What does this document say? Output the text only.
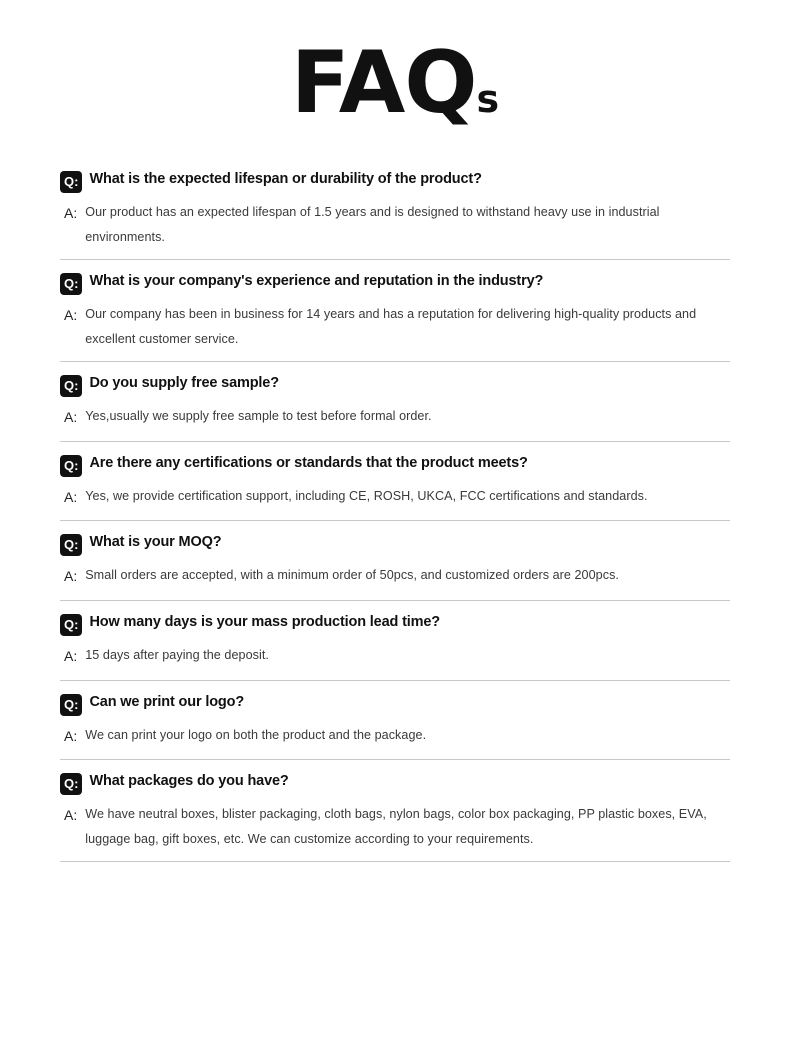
FAQs
Q: What is the expected lifespan or durability of the product?
A: Our product has an expected lifespan of 1.5 years and is designed to withstand heavy use in industrial environments.
Q: What is your company's experience and reputation in the industry?
A: Our company has been in business for 14 years and has a reputation for delivering high-quality products and excellent customer service.
Q: Do you supply free sample?
A: Yes,usually we supply free sample to test before formal order.
Q: Are there any certifications or standards that the product meets?
A: Yes, we provide certification support, including CE, ROSH, UKCA, FCC certifications and standards.
Q: What is your MOQ?
A: Small orders are accepted, with a minimum order of 50pcs, and customized orders are 200pcs.
Q: How many days is your mass production lead time?
A: 15 days after paying the deposit.
Q: Can we print our logo?
A: We can print your logo on both the product and the package.
Q: What packages do you have?
A: We have neutral boxes, blister packaging, cloth bags, nylon bags, color box packaging, PP plastic boxes, EVA, luggage bag, gift boxes, etc. We can customize according to your requirements.
